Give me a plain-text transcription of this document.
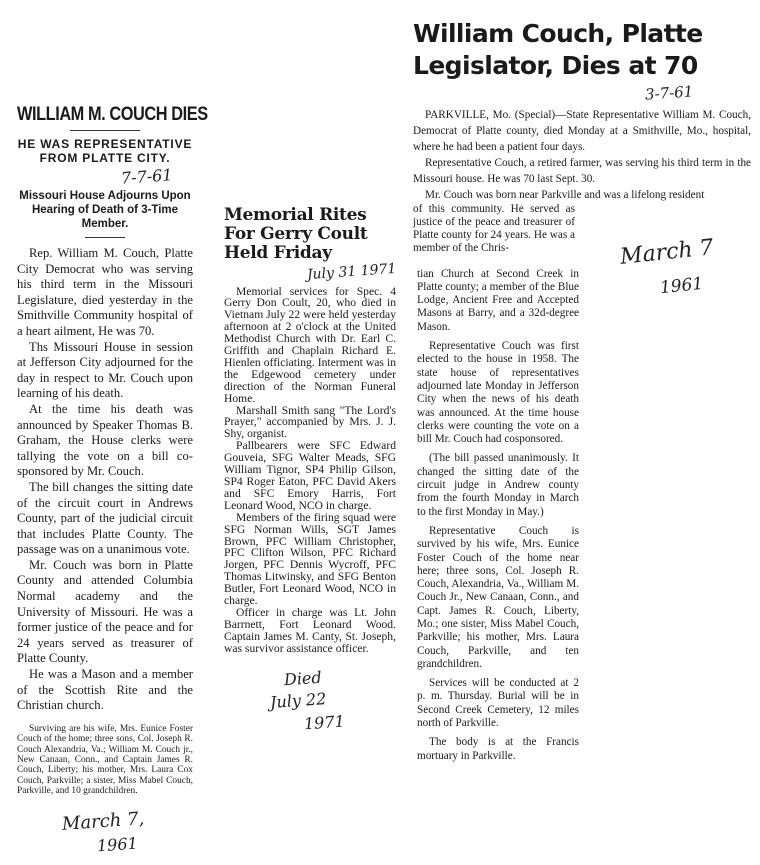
WILLIAM M. COUCH DIES

HE WAS REPRESENTATIVE FROM PLATTE CITY.

7-7-61

Missouri House Adjourns Upon Hearing of Death of 3-Time Member.

Rep. William M. Couch, Platte City Democrat who was serving his third term in the Missouri Legislature, died yesterday in the Smithville Community hospital of a heart ailment, He was 70.

Ths Missouri House in session at Jefferson City adjourned for the day in respect to Mr. Couch upon learning of his death.

At the time his death was announced by Speaker Thomas B. Graham, the House clerks were tallying the vote on a bill co-sponsored by Mr. Couch.

The bill changes the sitting date of the circuit court in Andrews County, part of the judicial circuit that includes Platte County. The passage was on a unanimous vote.

Mr. Couch was born in Platte County and attended Columbia Normal academy and the University of Missouri. He was a former justice of the peace and for 24 years served as treasurer of Platte County.

He was a Mason and a member of the Scottish Rite and the Christian church.

Surviving are his wife, Mrs. Eunice Foster Couch of the home; three sons, Col. Joseph R. Couch Alexandria, Va.; William M. Couch jr., New Canaan, Conn., and Captain James R. Couch, Liberty; his mother, Mrs. Laura Cox Couch, Parkville; a sister, Miss Mabel Couch, Parkville, and 10 grandchildren.

March 7,
1961
Memorial Rites For Gerry Coult Held Friday
July 31 1971

Memorial services for Spec. 4 Gerry Don Coult, 20, who died in Vietnam July 22 were held yesterday afternoon at 2 o'clock at the United Methodist Church with Dr. Earl C. Griffith and Chaplain Richard E. Hienlen officiating. Interment was in the Edgewood cemetery under direction of the Norman Funeral Home.

Marshall Smith sang "The Lord's Prayer," accompanied by Mrs. J. J. Shy, organist.

Pallbearers were SFC Edward Gouveia, SFG Walter Meads, SFG William Tignor, SP4 Philip Gilson, SP4 Roger Eaton, PFC David Akers and SFC Emory Harris, Fort Leonard Wood, NCO in charge.

Members of the firing squad were SFG Norman Wills, SGT James Brown, PFC William Christopher, PFC Clifton Wilson, PFC Richard Jorgen, PFC Dennis Wycroff, PFC Thomas Litwinsky, and SFG Benton Butler, Fort Leonard Wood, NCO in charge.

Officer in charge was Lt. John Barrnett, Fort Leonard Wood. Captain James M. Canty, St. Joseph, was survivor assistance officer.

Died
July 22
1971
William Couch, Platte
Legislator, Dies at 70
3-7-61

PARKVILLE, Mo. (Special)—State Representative William M. Couch, Democrat of Platte county, died Monday at a Smithville, Mo., hospital, where he had been a patient four days.

Representative Couch, a retired farmer, was serving his third term in the Missouri house. He was 70 last Sept. 30.

Mr. Couch was born near Parkville and was a lifelong resident

of this community. He served as justice of the peace and treasurer of Platte county for 24 years. He was a member of the Chris-

tian Church at Second Creek in Platte county; a member of the Blue Lodge, Ancient Free and Accepted Masons at Barry, and a 32d-degree Mason.

Representative Couch was first elected to the house in 1958. The state house of representatives adjourned late Monday in Jefferson City when the news of his death was announced. At the time house clerks were counting the vote on a bill Mr. Couch had cosponsored.

(The bill passed unanimously. It changed the sitting date of the circuit judge in Andrew county from the fourth Monday in March to the first Monday in May.)

Representative Couch is survived by his wife, Mrs. Eunice Foster Couch of the home near here; three sons, Col. Joseph R. Couch, Alexandria, Va., William M. Couch Jr., New Canaan, Conn., and Capt. James R. Couch, Liberty, Mo.; one sister, Miss Mabel Couch, Parkville; his mother, Mrs. Laura Couch, Parkville, and ten grandchildren.

Services will be conducted at 2 p. m. Thursday. Burial will be in Second Creek Cemetery, 12 miles north of Parkville.

The body is at the Francis mortuary in Parkville.

March 7
1961
